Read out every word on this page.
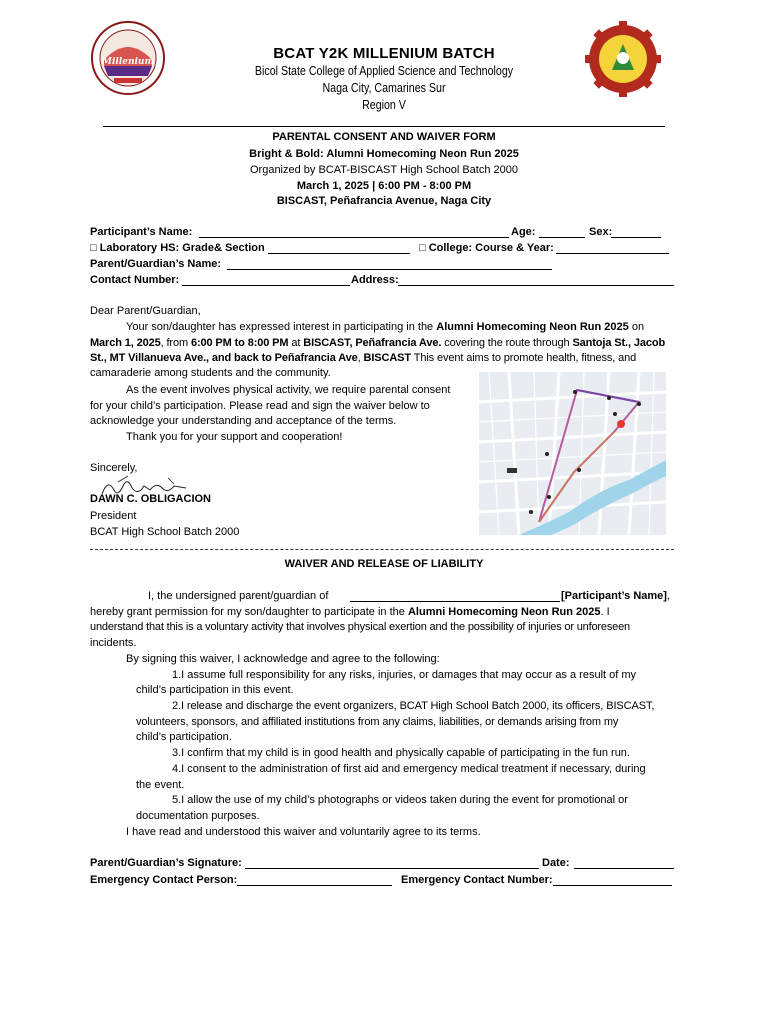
Millenium	BCAT Y2K MILLENIUM BATCH
Bicol State College of Applied Science and Technology
Naga City, Camarines Sur
Region V
PARENTAL CONSENT AND WAIVER FORM
Bright & Bold: Alumni Homecoming Neon Run 2025
Organized by BCAT-BISCAST High School Batch 2000
March 1, 2025 | 6:00 PM - 8:00 PM
BISCAST, Peñafrancia Avenue, Naga City
Participant’s Name:	Age:	Sex:
□ Laboratory HS: Grade& Section	□ College: Course & Year:
Parent/Guardian’s Name:
Contact Number:	Address:
Dear Parent/Guardian,
Your son/daughter has expressed interest in participating in the Alumni Homecoming Neon Run 2025 on
March 1, 2025, from 6:00 PM to 8:00 PM at BISCAST, Peñafrancia Ave. covering the route through Santoja St., Jacob
St., MT Villanueva Ave., and back to Peñafrancia Ave, BISCAST This event aims to promote health, fitness, and
camaraderie among students and the community.
As the event involves physical activity, we require parental consent
for your child’s participation. Please read and sign the waiver below to
acknowledge your understanding and acceptance of the terms.
Thank you for your support and cooperation!
Sincerely,
DAWN C. OBLIGACION
President
BCAT High School Batch 2000
WAIVER AND RELEASE OF LIABILITY
I, the undersigned parent/guardian of	[Participant’s Name],
hereby grant permission for my son/daughter to participate in the Alumni Homecoming Neon Run 2025. I
understand that this is a voluntary activity that involves physical exertion and the possibility of injuries or unforeseen
incidents.
By signing this waiver, I acknowledge and agree to the following:
1.I assume full responsibility for any risks, injuries, or damages that may occur as a result of my
child’s participation in this event.
2.I release and discharge the event organizers, BCAT High School Batch 2000, its officers, BISCAST,
volunteers, sponsors, and affiliated institutions from any claims, liabilities, or demands arising from my
child’s participation.
3.I confirm that my child is in good health and physically capable of participating in the fun run.
4.I consent to the administration of first aid and emergency medical treatment if necessary, during
the event.
5.I allow the use of my child’s photographs or videos taken during the event for promotional or
documentation purposes.
I have read and understood this waiver and voluntarily agree to its terms.
Parent/Guardian’s Signature:	Date:
Emergency Contact Person:	Emergency Contact Number:
